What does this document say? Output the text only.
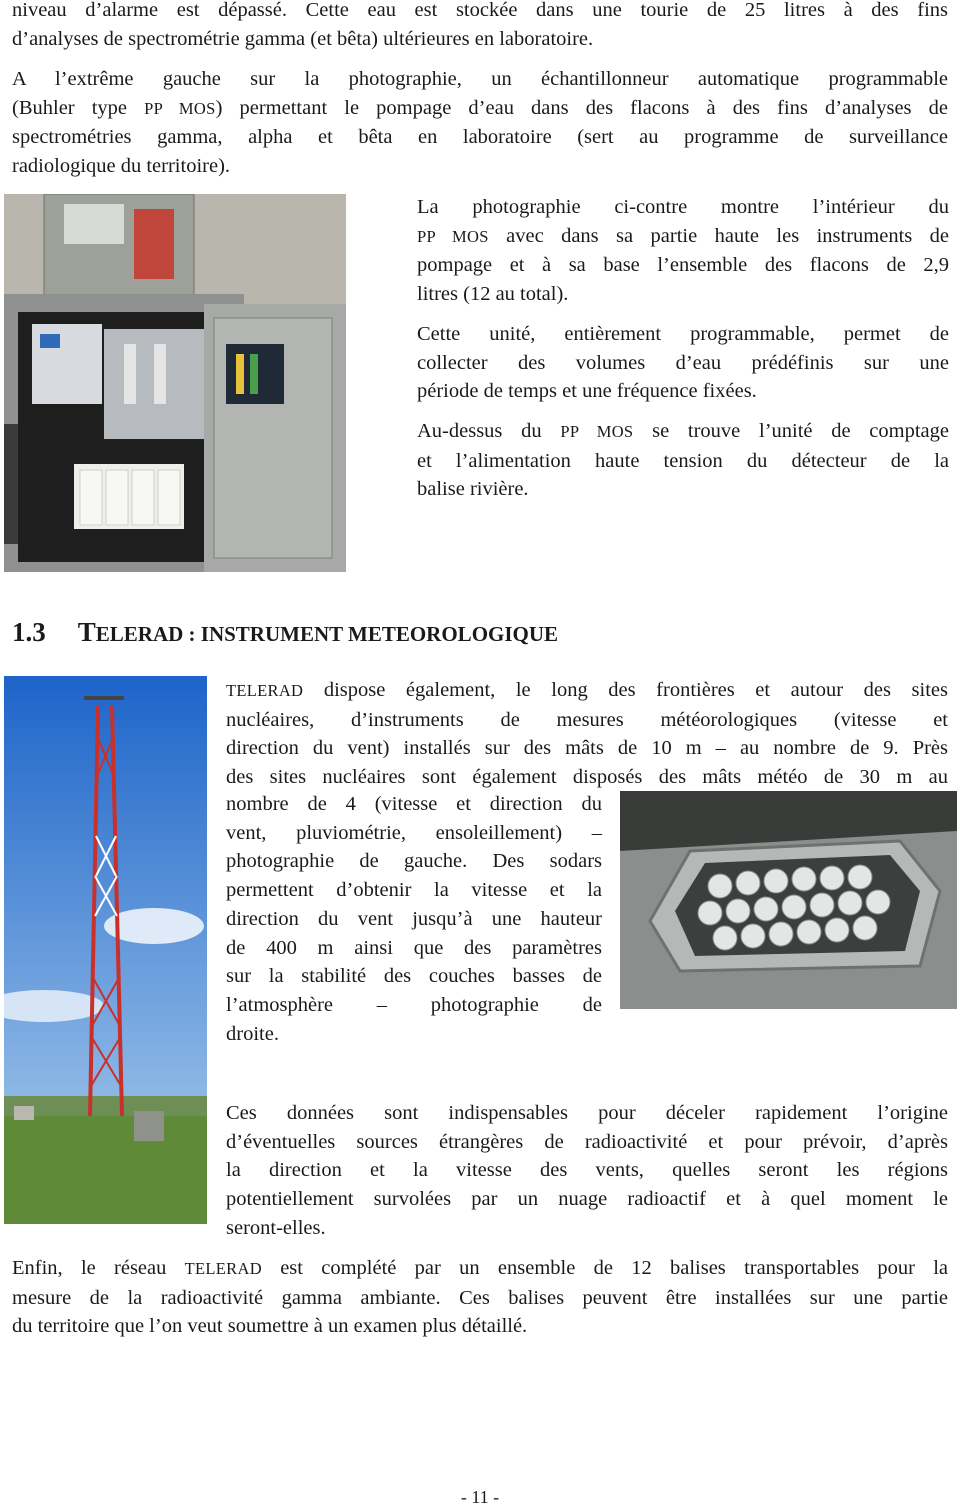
niveau d’alarme est dépassé. Cette eau est stockée dans une tourie de 25 litres à des fins
d’analyses de spectrométrie gamma (et bêta) ultérieures en laboratoire.
A l’extrême gauche sur la photographie, un échantillonneur automatique programmable
(Buhler type PP MOS) permettant le pompage d’eau dans des flacons à des fins d’analyses de
spectrométries gamma, alpha et bêta en laboratoire (sert au programme de surveillance
radiologique du territoire).
La photographie ci-contre montre l’intérieur du
PP MOS avec dans sa partie haute les instruments de
pompage et à sa base l’ensemble des flacons de 2,9
litres (12 au total).
Cette unité, entièrement programmable, permet de
collecter des volumes d’eau prédéfinis sur une
période de temps et une fréquence fixées.
Au-dessus du PP MOS se trouve l’unité de comptage
et l’alimentation haute tension du détecteur de la
balise rivière.
1.3 TELERAD : INSTRUMENT METEOROLOGIQUE
TELERAD dispose également, le long des frontières et autour des sites
nucléaires, d’instruments de mesures météorologiques (vitesse et
direction du vent) installés sur des mâts de 10 m – au nombre de 9. Près
des sites nucléaires sont également disposés des mâts météo de 30 m au
nombre de 4 (vitesse et direction du
vent, pluviométrie, ensoleillement) –
photographie de gauche. Des sodars
permettent d’obtenir la vitesse et la
direction du vent jusqu’à une hauteur
de 400 m ainsi que des paramètres
sur la stabilité des couches basses de
l’atmosphère – photographie de
droite.
Ces données sont indispensables pour déceler rapidement l’origine
d’éventuelles sources étrangères de radioactivité et pour prévoir, d’après
la direction et la vitesse des vents, quelles seront les régions
potentiellement survolées par un nuage radioactif et à quel moment le
seront-elles.
Enfin, le réseau TELERAD est complété par un ensemble de 12 balises transportables pour la
mesure de la radioactivité gamma ambiante. Ces balises peuvent être installées sur une partie
du territoire que l’on veut soumettre à un examen plus détaillé.
- 11 -
